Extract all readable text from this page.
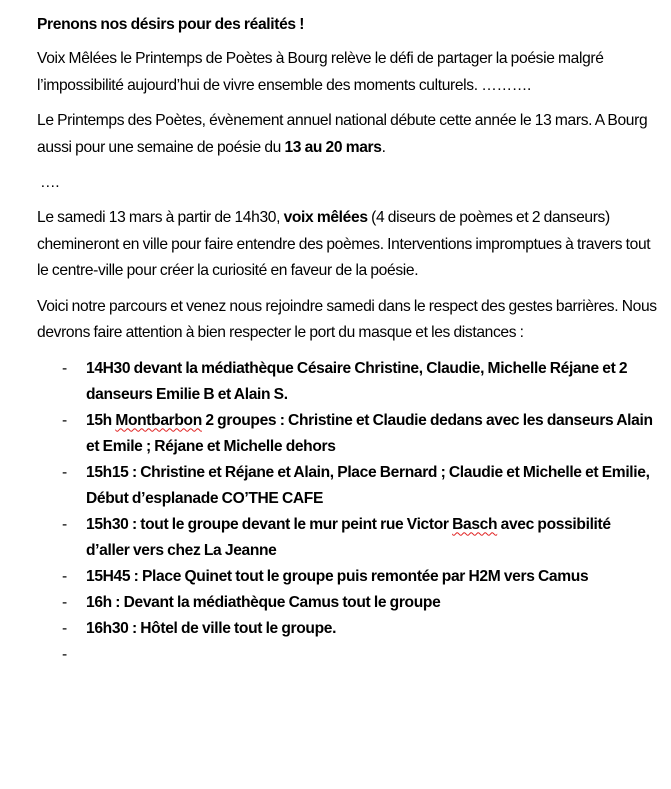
Prenons nos désirs pour des réalités !

Voix Mêlées le Printemps de Poètes à Bourg relève le défi de partager la poésie malgré l’impossibilité aujourd’hui de vivre ensemble des moments culturels. ……….

Le Printemps des Poètes, évènement annuel national débute cette année le 13 mars. A Bourg aussi pour une semaine de poésie du 13 au 20 mars.

….

Le samedi 13 mars à partir de 14h30, voix mêlées (4 diseurs de poèmes et 2 danseurs) chemineront en ville pour faire entendre des poèmes. Interventions impromptues à travers tout le centre-ville pour créer la curiosité en faveur de la poésie.

Voici notre parcours et venez nous rejoindre samedi dans le respect des gestes barrières. Nous devrons faire attention à bien respecter le port du masque et les distances :

- 14H30 devant la médiathèque Césaire Christine, Claudie, Michelle Réjane et 2 danseurs Emilie B et Alain S.
- 15h Montbarbon 2 groupes : Christine et Claudie dedans avec les danseurs Alain et Emile ; Réjane et Michelle dehors
- 15h15 : Christine et Réjane et Alain, Place Bernard ; Claudie et Michelle et Emilie, Début d’esplanade CO’THE CAFE
- 15h30 : tout le groupe devant le mur peint rue Victor Basch avec possibilité d’aller vers chez La Jeanne
- 15H45 : Place Quinet tout le groupe puis remontée par H2M vers Camus
- 16h : Devant la médiathèque Camus tout le groupe
- 16h30 : Hôtel de ville tout le groupe.
-
